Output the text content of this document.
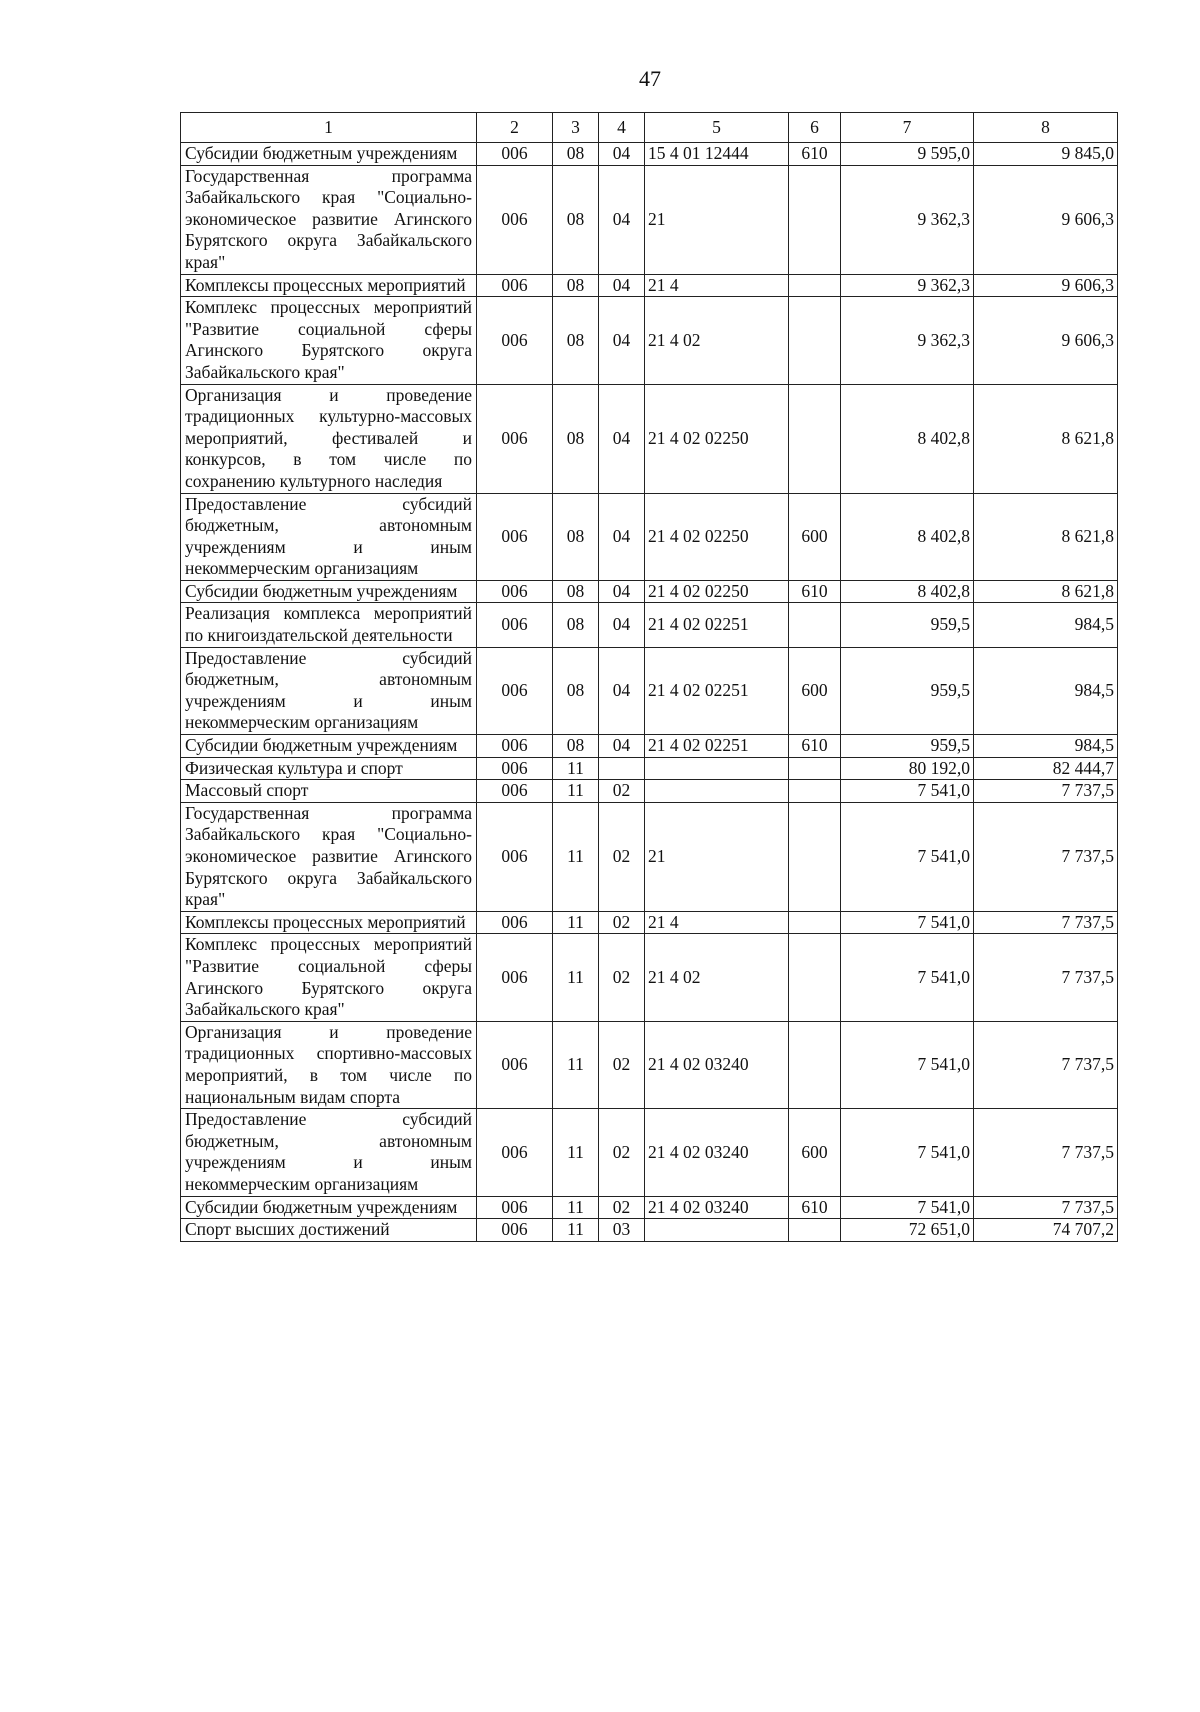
47
1	2	3	4	5	6	7	8
Субсидии бюджетным учреждениям	006	08	04	15 4 01 12444	610	9 595,0	9 845,0
Государственная программа Забайкальского края "Социально-экономическое развитие Агинского Бурятского округа Забайкальского края"	006	08	04	21		9 362,3	9 606,3
Комплексы процессных мероприятий	006	08	04	21 4		9 362,3	9 606,3
Комплекс процессных мероприятий "Развитие социальной сферы Агинского Бурятского округа Забайкальского края"	006	08	04	21 4 02		9 362,3	9 606,3
Организация и проведение традиционных культурно-массовых мероприятий, фестивалей и конкурсов, в том числе по сохранению культурного наследия	006	08	04	21 4 02 02250		8 402,8	8 621,8
Предоставление субсидий бюджетным, автономным учреждениям и иным некоммерческим организациям	006	08	04	21 4 02 02250	600	8 402,8	8 621,8
Субсидии бюджетным учреждениям	006	08	04	21 4 02 02250	610	8 402,8	8 621,8
Реализация комплекса мероприятий по книгоиздательской деятельности	006	08	04	21 4 02 02251		959,5	984,5
Предоставление субсидий бюджетным, автономным учреждениям и иным некоммерческим организациям	006	08	04	21 4 02 02251	600	959,5	984,5
Субсидии бюджетным учреждениям	006	08	04	21 4 02 02251	610	959,5	984,5
Физическая культура и спорт	006	11				80 192,0	82 444,7
Массовый спорт	006	11	02			7 541,0	7 737,5
Государственная программа Забайкальского края "Социально-экономическое развитие Агинского Бурятского округа Забайкальского края"	006	11	02	21		7 541,0	7 737,5
Комплексы процессных мероприятий	006	11	02	21 4		7 541,0	7 737,5
Комплекс процессных мероприятий "Развитие социальной сферы Агинского Бурятского округа Забайкальского края"	006	11	02	21 4 02		7 541,0	7 737,5
Организация и проведение традиционных спортивно-массовых мероприятий, в том числе по национальным видам спорта	006	11	02	21 4 02 03240		7 541,0	7 737,5
Предоставление субсидий бюджетным, автономным учреждениям и иным некоммерческим организациям	006	11	02	21 4 02 03240	600	7 541,0	7 737,5
Субсидии бюджетным учреждениям	006	11	02	21 4 02 03240	610	7 541,0	7 737,5
Спорт высших достижений	006	11	03			72 651,0	74 707,2
